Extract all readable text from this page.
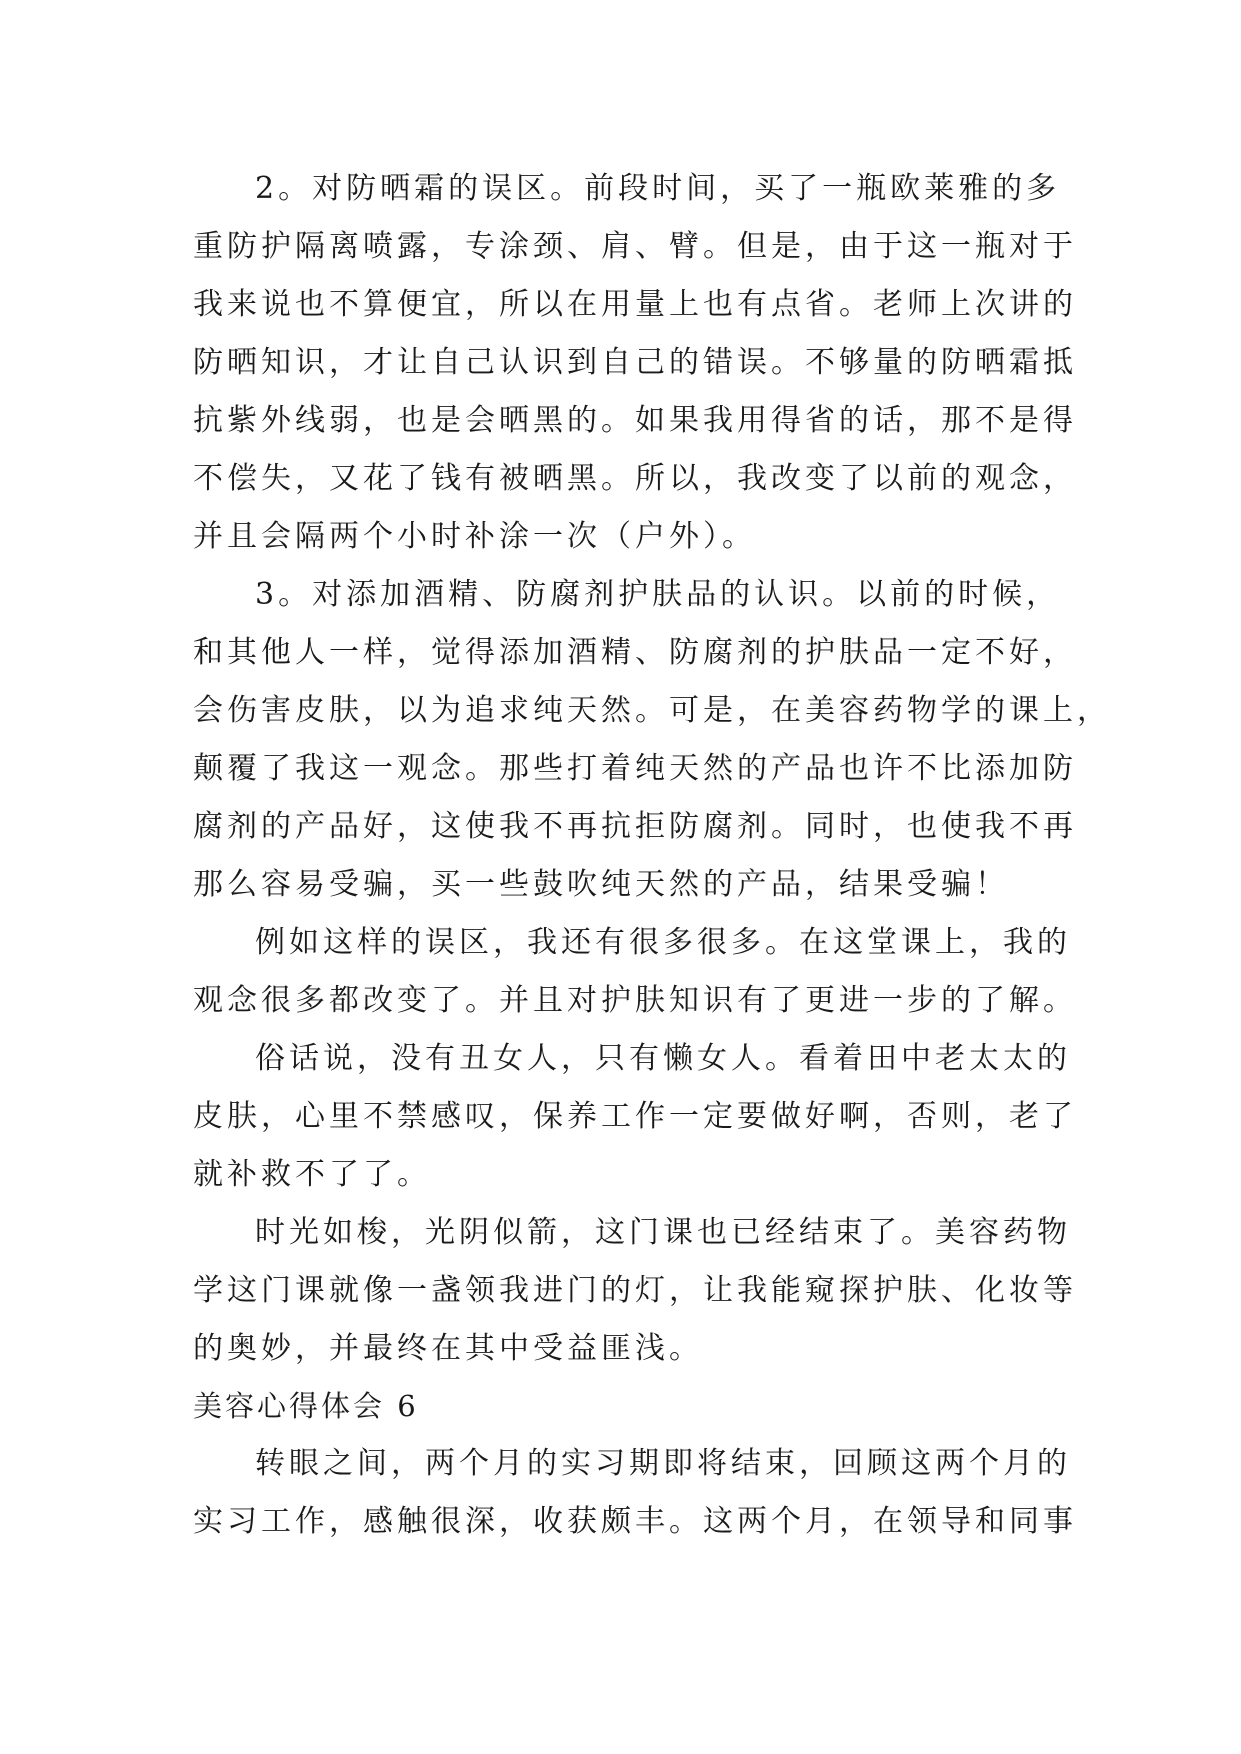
2。对防晒霜的误区。前段时间，买了一瓶欧莱雅的多
重防护隔离喷露，专涂颈、肩、臂。但是，由于这一瓶对于
我来说也不算便宜，所以在用量上也有点省。老师上次讲的
防晒知识，才让自己认识到自己的错误。不够量的防晒霜抵
抗紫外线弱，也是会晒黑的。如果我用得省的话，那不是得
不偿失，又花了钱有被晒黑。所以，我改变了以前的观念，
并且会隔两个小时补涂一次（户外）。
3。对添加酒精、防腐剂护肤品的认识。以前的时候，
和其他人一样，觉得添加酒精、防腐剂的护肤品一定不好，
会伤害皮肤，以为追求纯天然。可是，在美容药物学的课上，
颠覆了我这一观念。那些打着纯天然的产品也许不比添加防
腐剂的产品好，这使我不再抗拒防腐剂。同时，也使我不再
那么容易受骗，买一些鼓吹纯天然的产品，结果受骗！
例如这样的误区，我还有很多很多。在这堂课上，我的
观念很多都改变了。并且对护肤知识有了更进一步的了解。
俗话说，没有丑女人，只有懒女人。看着田中老太太的
皮肤，心里不禁感叹，保养工作一定要做好啊，否则，老了
就补救不了了。
时光如梭，光阴似箭，这门课也已经结束了。美容药物
学这门课就像一盏领我进门的灯，让我能窥探护肤、化妆等
的奥妙，并最终在其中受益匪浅。
美容心得体会 6
转眼之间，两个月的实习期即将结束，回顾这两个月的
实习工作，感触很深，收获颇丰。这两个月，在领导和同事
